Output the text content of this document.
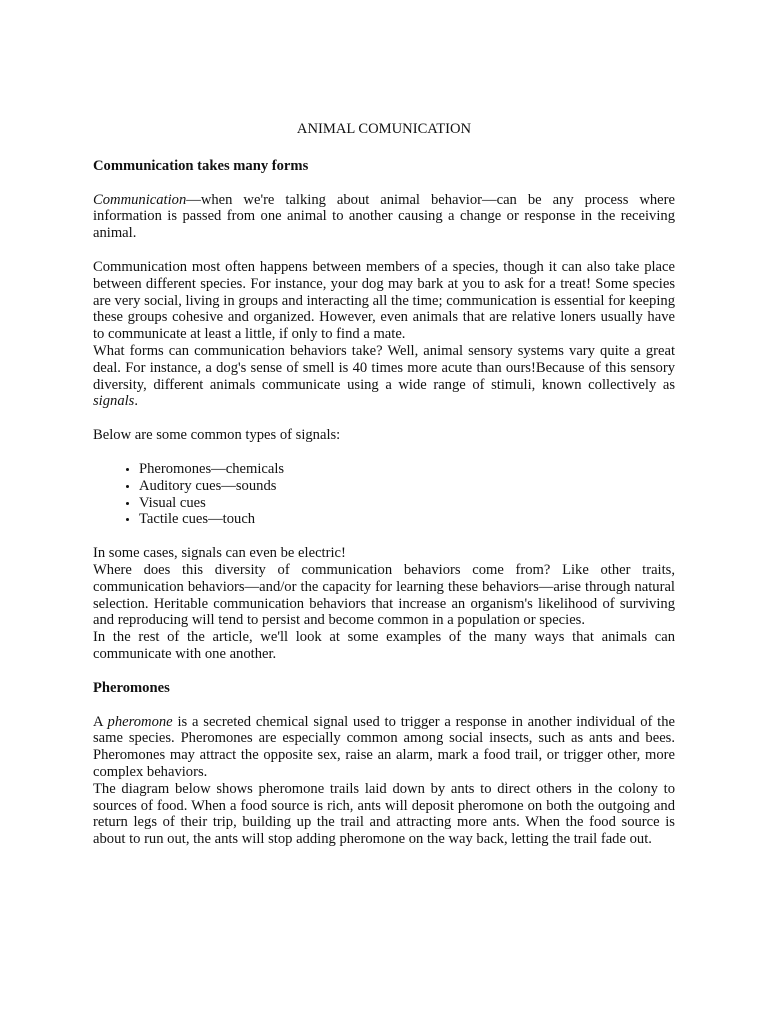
ANIMAL COMUNICATION
Communication takes many forms

Communication—when we're talking about animal behavior—can be any process where information is passed from one animal to another causing a change or response in the receiving animal.

Communication most often happens between members of a species, though it can also take place between different species. For instance, your dog may bark at you to ask for a treat! Some species are very social, living in groups and interacting all the time; communication is essential for keeping these groups cohesive and organized. However, even animals that are relative loners usually have to communicate at least a little, if only to find a mate.

What forms can communication behaviors take? Well, animal sensory systems vary quite a great deal. For instance, a dog's sense of smell is 40 times more acute than ours!Because of this sensory diversity, different animals communicate using a wide range of stimuli, known collectively as signals.

Below are some common types of signals:

• Pheromones—chemicals
• Auditory cues—sounds
• Visual cues
• Tactile cues—touch

In some cases, signals can even be electric!

Where does this diversity of communication behaviors come from? Like other traits, communication behaviors—and/or the capacity for learning these behaviors—arise through natural selection. Heritable communication behaviors that increase an organism's likelihood of surviving and reproducing will tend to persist and become common in a population or species.

In the rest of the article, we'll look at some examples of the many ways that animals can communicate with one another.

Pheromones

A pheromone is a secreted chemical signal used to trigger a response in another individual of the same species. Pheromones are especially common among social insects, such as ants and bees. Pheromones may attract the opposite sex, raise an alarm, mark a food trail, or trigger other, more complex behaviors.

The diagram below shows pheromone trails laid down by ants to direct others in the colony to sources of food. When a food source is rich, ants will deposit pheromone on both the outgoing and return legs of their trip, building up the trail and attracting more ants. When the food source is about to run out, the ants will stop adding pheromone on the way back, letting the trail fade out.
